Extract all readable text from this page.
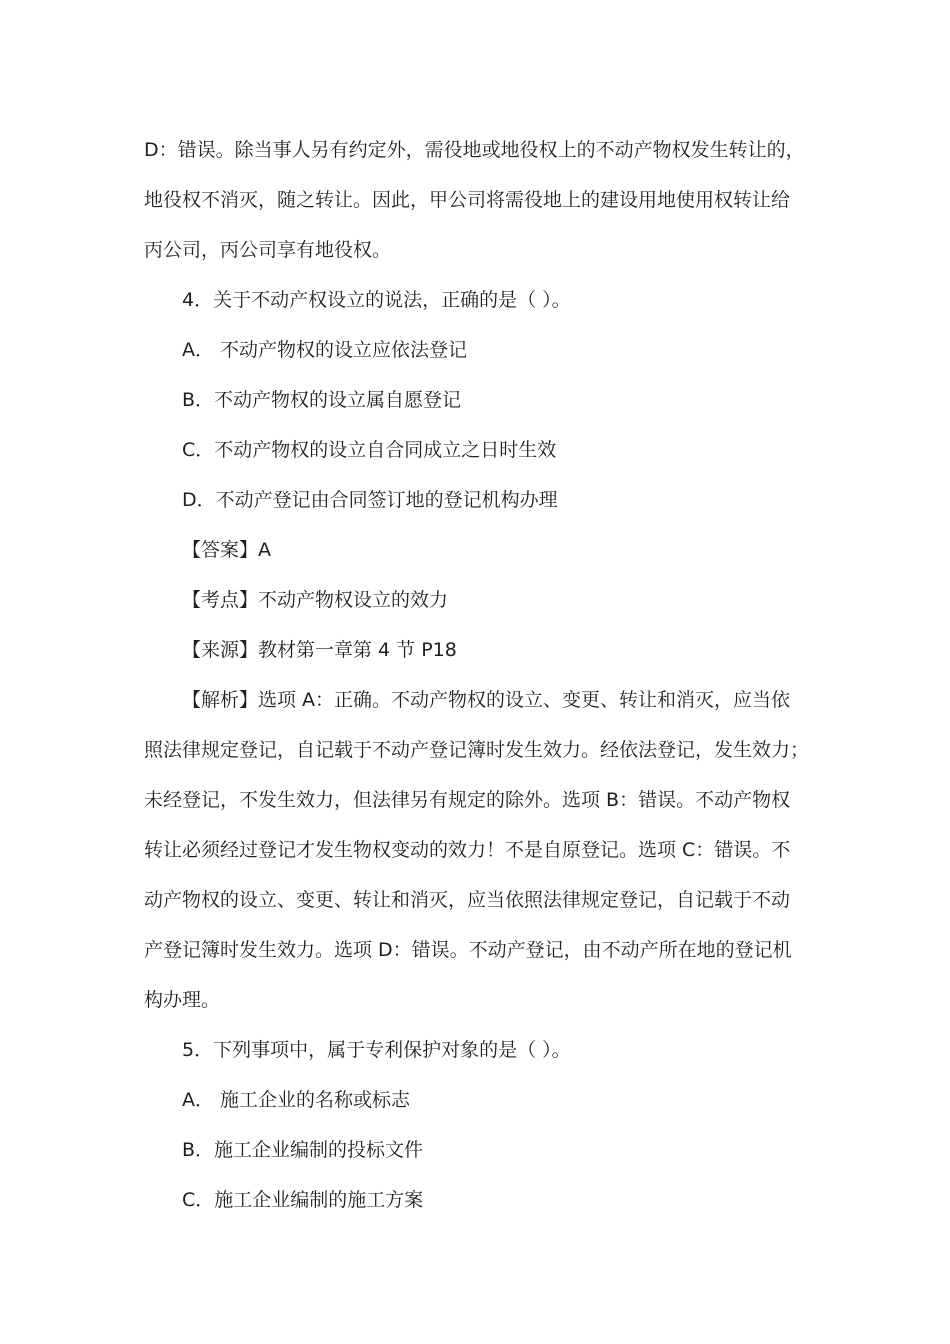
D：错误。除当事人另有约定外，需役地或地役权上的不动产物权发生转让的，
地役权不消灭，随之转让。因此，甲公司将需役地上的建设用地使用权转让给
丙公司，丙公司享有地役权。
4．关于不动产权设立的说法，正确的是（ ）。
A． 不动产物权的设立应依法登记
B．不动产物权的设立属自愿登记
C．不动产物权的设立自合同成立之日时生效
D．不动产登记由合同签订地的登记机构办理
【答案】A
【考点】不动产物权设立的效力
【来源】教材第一章第 4 节 P18
【解析】选项 A：正确。不动产物权的设立、变更、转让和消灭，应当依
照法律规定登记，自记载于不动产登记簿时发生效力。经依法登记，发生效力；
未经登记，不发生效力，但法律另有规定的除外。选项 B：错误。不动产物权
转让必须经过登记才发生物权变动的效力！不是自原登记。选项 C：错误。不
动产物权的设立、变更、转让和消灭，应当依照法律规定登记，自记载于不动
产登记簿时发生效力。选项 D：错误。不动产登记，由不动产所在地的登记机
构办理。
5．下列事项中，属于专利保护对象的是（ ）。
A． 施工企业的名称或标志
B．施工企业编制的投标文件
C．施工企业编制的施工方案
